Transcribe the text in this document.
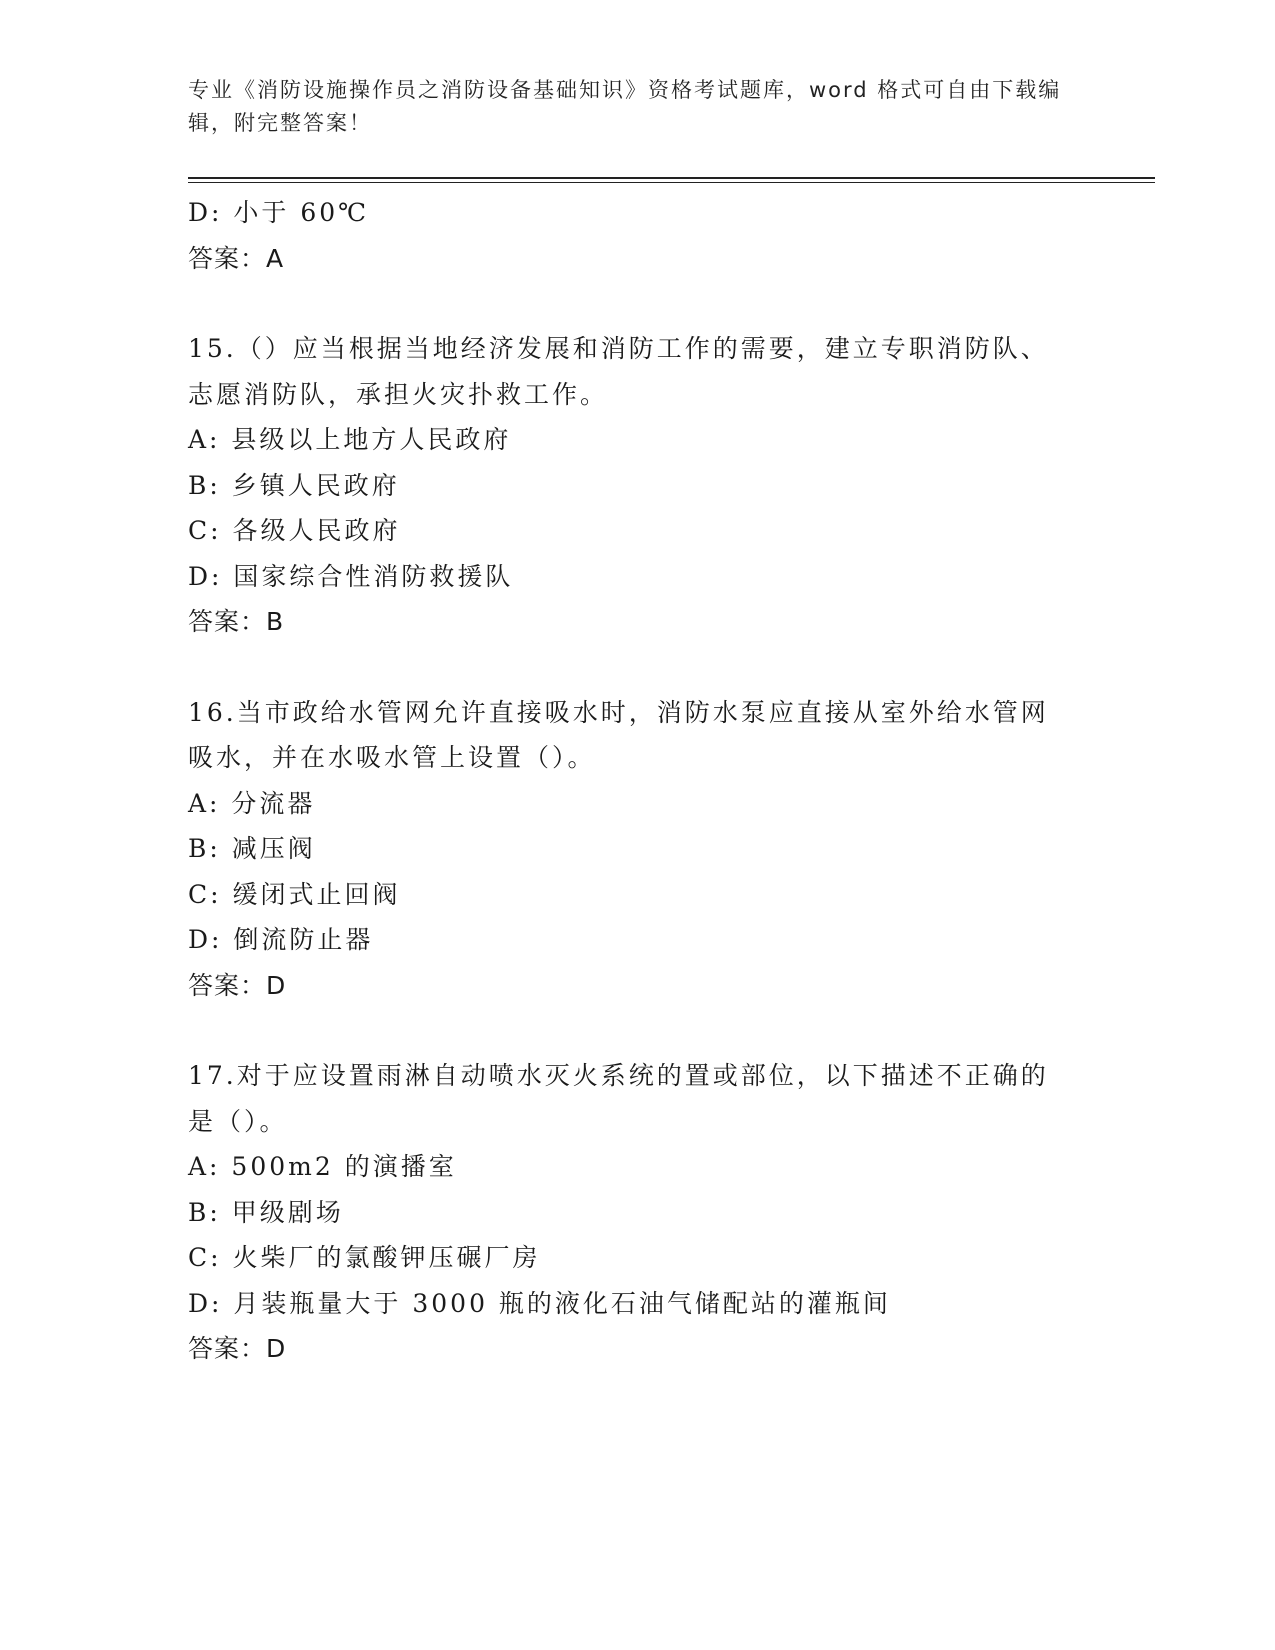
专业《消防设施操作员之消防设备基础知识》资格考试题库，word 格式可自由下载编辑，附完整答案！
D: 小于 60℃
答案：A
15.（）应当根据当地经济发展和消防工作的需要，建立专职消防队、志愿消防队，承担火灾扑救工作。
A: 县级以上地方人民政府
B: 乡镇人民政府
C: 各级人民政府
D: 国家综合性消防救援队
答案：B
16.当市政给水管网允许直接吸水时，消防水泵应直接从室外给水管网吸水，并在水吸水管上设置（）。
A: 分流器
B: 减压阀
C: 缓闭式止回阀
D: 倒流防止器
答案：D
17.对于应设置雨淋自动喷水灭火系统的置或部位，以下描述不正确的是（）。
A: 500m2 的演播室
B: 甲级剧场
C: 火柴厂的氯酸钾压碾厂房
D: 月装瓶量大于 3000 瓶的液化石油气储配站的灌瓶间
答案：D
